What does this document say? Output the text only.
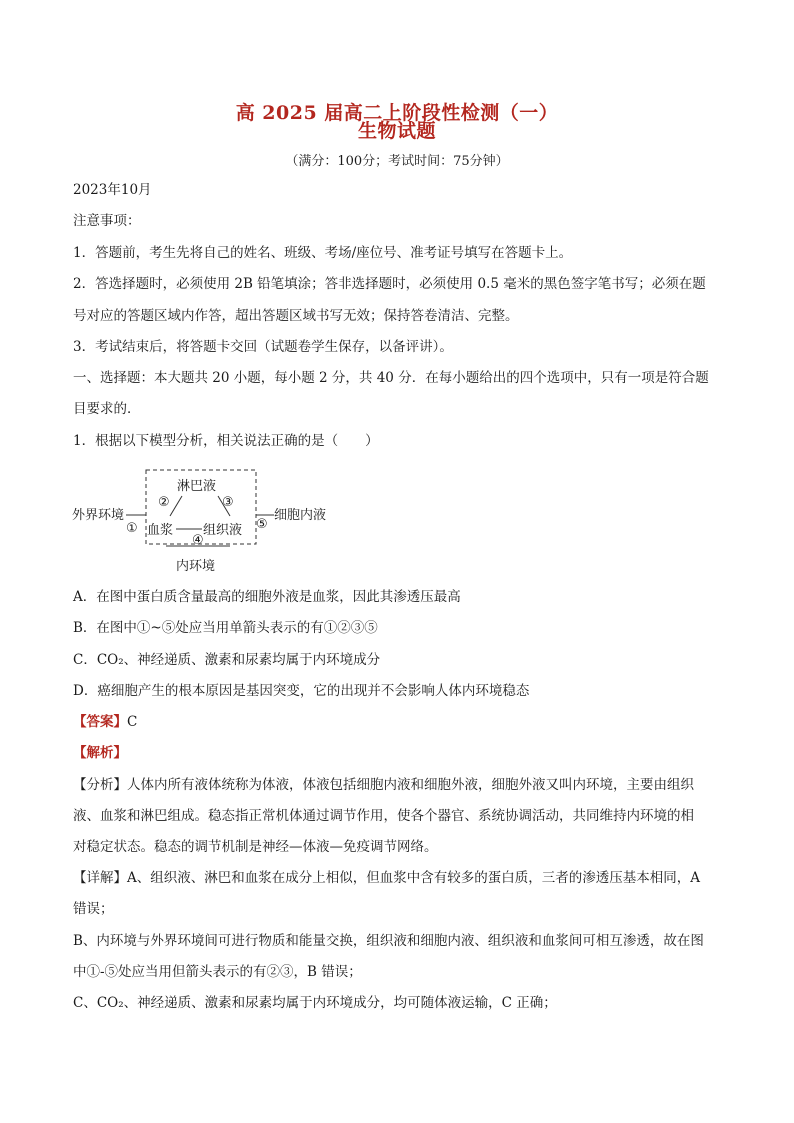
高 2025 届高二上阶段性检测（一）
生物试题
（满分：100分；考试时间：75分钟）
2023年10月
注意事项：
1．答题前，考生先将自己的姓名、班级、考场/座位号、准考证号填写在答题卡上。
2．答选择题时，必须使用 2B 铅笔填涂；答非选择题时，必须使用 0.5 毫米的黑色签字笔书写；必须在题
号对应的答题区域内作答，超出答题区域书写无效；保持答卷清洁、完整。
3．考试结束后，将答题卡交回（试题卷学生保存，以备评讲）。
一、选择题：本大题共 20 小题，每小题 2 分，共 40 分．在每小题给出的四个选项中，只有一项是符合题
目要求的．
1．根据以下模型分析，相关说法正确的是（　　）
外界环境
①
淋巴液
②	③
血浆 组织液
④
⑤
细胞内液
内环境
A．在图中蛋白质含量最高的细胞外液是血浆，因此其渗透压最高
B．在图中①~⑤处应当用单箭头表示的有①②③⑤
C．CO₂、神经递质、激素和尿素均属于内环境成分
D．癌细胞产生的根本原因是基因突变，它的出现并不会影响人体内环境稳态
【答案】C
【解析】
【分析】人体内所有液体统称为体液，体液包括细胞内液和细胞外液，细胞外液又叫内环境，主要由组织
液、血浆和淋巴组成。稳态指正常机体通过调节作用，使各个器官、系统协调活动，共同维持内环境的相
对稳定状态。稳态的调节机制是神经—体液—免疫调节网络。
【详解】A、组织液、淋巴和血浆在成分上相似，但血浆中含有较多的蛋白质，三者的渗透压基本相同，A
错误；
B、内环境与外界环境间可进行物质和能量交换，组织液和细胞内液、组织液和血浆间可相互渗透，故在图
中①-⑤处应当用但箭头表示的有②③，B 错误；
C、CO₂、神经递质、激素和尿素均属于内环境成分，均可随体液运输，C 正确；
